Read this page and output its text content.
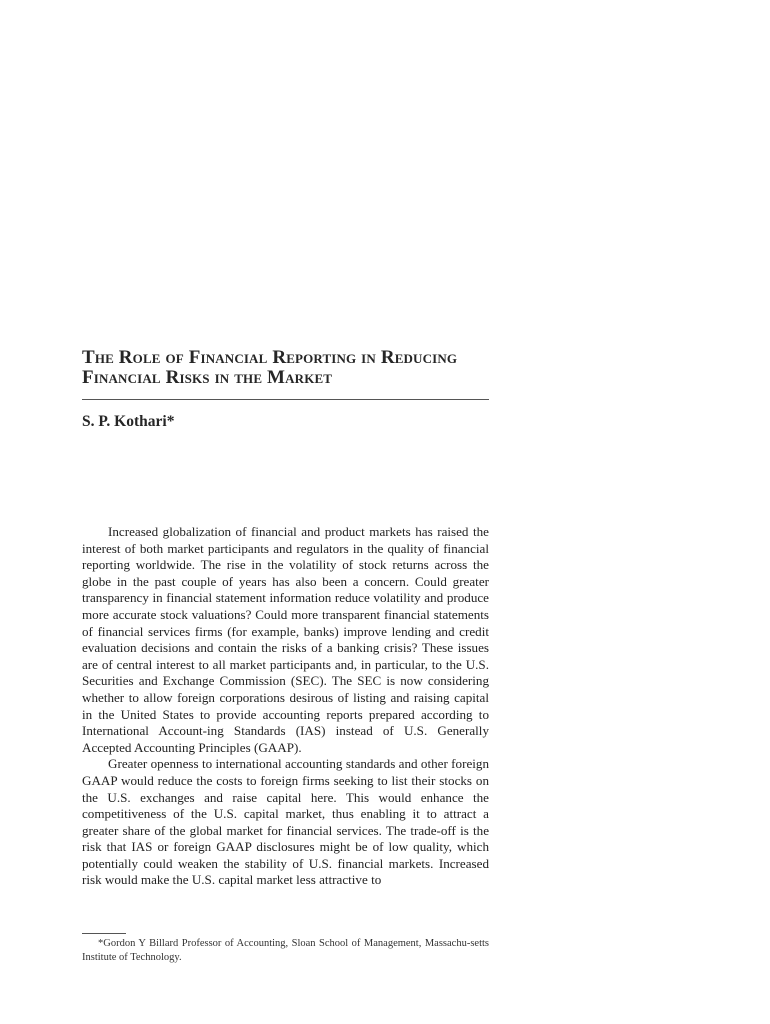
The Role of Financial Reporting in Reducing
Financial Risks in the Market

S. P. Kothari*

Increased globalization of financial and product markets has raised the interest of both market participants and regulators in the quality of financial reporting worldwide. The rise in the volatility of stock returns across the globe in the past couple of years has also been a concern. Could greater transparency in financial statement information reduce volatility and produce more accurate stock valuations? Could more transparent financial statements of financial services firms (for example, banks) improve lending and credit evaluation decisions and contain the risks of a banking crisis? These issues are of central interest to all market participants and, in particular, to the U.S. Securities and Exchange Commission (SEC). The SEC is now considering whether to allow foreign corporations desirous of listing and raising capital in the United States to provide accounting reports prepared according to International Account-ing Standards (IAS) instead of U.S. Generally Accepted Accounting Principles (GAAP).

Greater openness to international accounting standards and other foreign GAAP would reduce the costs to foreign firms seeking to list their stocks on the U.S. exchanges and raise capital here. This would enhance the competitiveness of the U.S. capital market, thus enabling it to attract a greater share of the global market for financial services. The trade-off is the risk that IAS or foreign GAAP disclosures might be of low quality, which potentially could weaken the stability of U.S. financial markets. Increased risk would make the U.S. capital market less attractive to

*Gordon Y Billard Professor of Accounting, Sloan School of Management, Massachu-setts Institute of Technology.
